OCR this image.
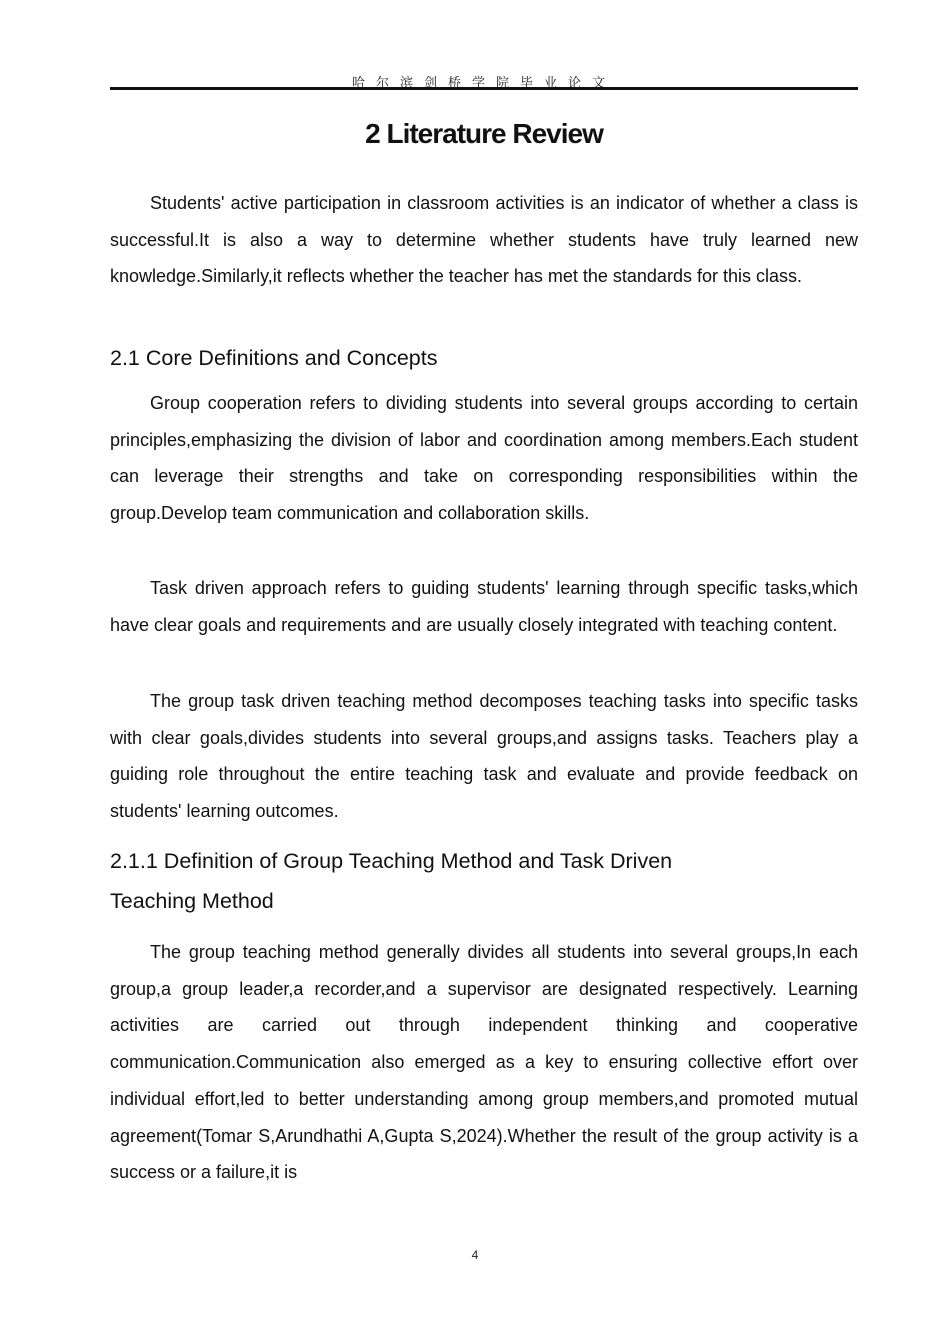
哈尔滨剑桥学院毕业论文
2 Literature Review

Students' active participation in classroom activities is an indicator of whether a class is successful.It is also a way to determine whether students have truly learned new knowledge.Similarly,it reflects whether the teacher has met the standards for this class.

2.1 Core Definitions and Concepts

Group cooperation refers to dividing students into several groups according to certain principles,emphasizing the division of labor and coordination among members.Each student can leverage their strengths and take on corresponding responsibilities within the group.Develop team communication and collaboration skills.

Task driven approach refers to guiding students' learning through specific tasks,which have clear goals and requirements and are usually closely integrated with teaching content.

The group task driven teaching method decomposes teaching tasks into specific tasks with clear goals,divides students into several groups,and assigns tasks. Teachers play a guiding role throughout the entire teaching task and evaluate and provide feedback on students' learning outcomes.

2.1.1 Definition of Group Teaching Method and Task Driven
Teaching Method

The group teaching method generally divides all students into several groups,In each group,a group leader,a recorder,and a supervisor are designated respectively. Learning activities are carried out through independent thinking and cooperative communication.Communication also emerged as a key to ensuring collective effort over individual effort,led to better understanding among group members,and promoted mutual agreement(Tomar S,Arundhathi A,Gupta S,2024).Whether the result of the group activity is a success or a failure,it is

4
